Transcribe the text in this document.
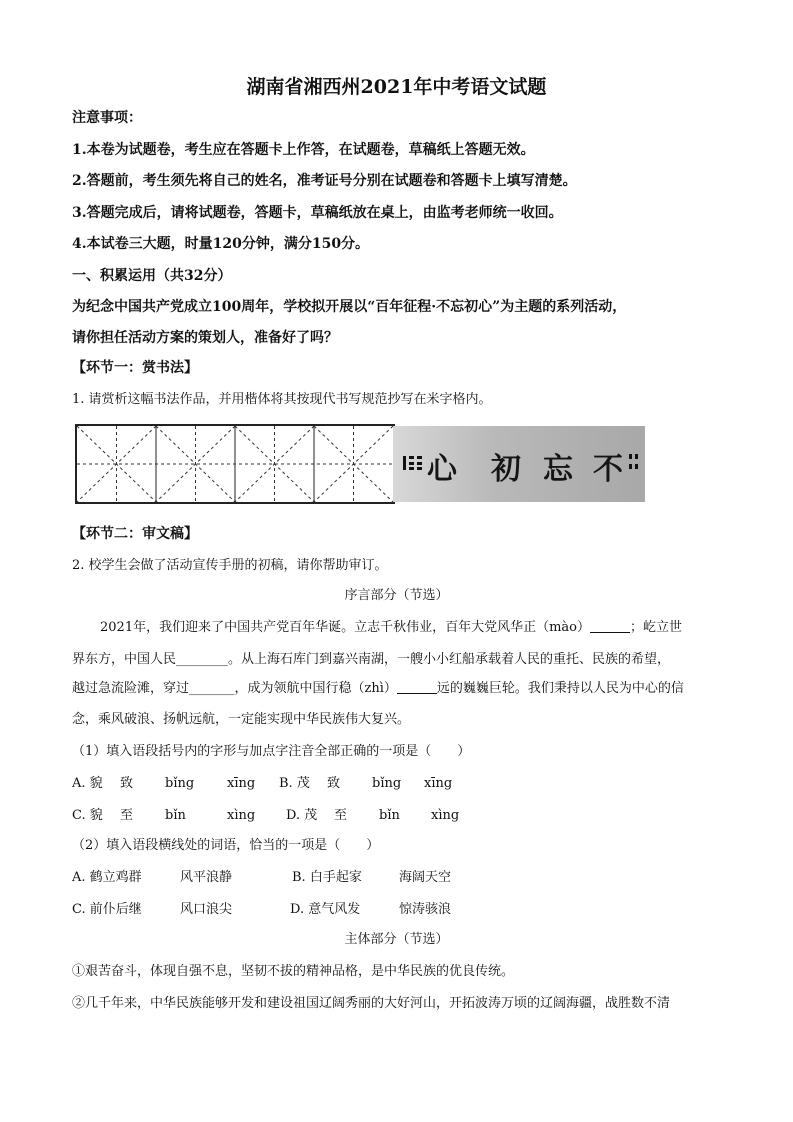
湖南省湘西州2021年中考语文试题
注意事项：
1.本卷为试题卷，考生应在答题卡上作答，在试题卷，草稿纸上答题无效。
2.答题前，考生须先将自己的姓名，准考证号分别在试题卷和答题卡上填写清楚。
3.答题完成后，请将试题卷，答题卡，草稿纸放在桌上，由监考老师统一收回。
4.本试卷三大题，时量120分钟，满分150分。
一、积累运用（共32分）
为纪念中国共产党成立100周年，学校拟开展以“百年征程·不忘初心”为主题的系列活动，
请你担任活动方案的策划人，准备好了吗？
【环节一：赏书法】
1. 请赏析这幅书法作品，并用楷体将其按现代书写规范抄写在米字格内。
心 初 忘 不
【环节二：审文稿】
2. 校学生会做了活动宣传手册的初稿，请你帮助审订。
序言部分（节选）
2021年，我们迎来了中国共产党百年华诞。立志千秋伟业，百年大党风华正（mào）	；屹立世
界东方，中国人民________。从上海石库门到嘉兴南湖，一艘小小红船承载着人民的重托、民族的希望，
越过急流险滩，穿过_______，成为领航中国行稳（zhì）	远的巍巍巨轮。我们秉持以人民为中心的信
念，乘风破浪、扬帆远航，一定能实现中华民族伟大复兴。
（1）填入语段括号内的字形与加点字注音全部正确的一项是（　　）
A. 貌 致 bǐng	xīng B. 茂 致 bǐng xīng
C. 貌 至 bǐn	xìng D. 茂 至 bǐn xìng
（2）填入语段横线处的词语，恰当的一项是（　　）
A. 鹤立鸡群	风平浪静	B. 白手起家	海阔天空
C. 前仆后继	风口浪尖	D. 意气风发	惊涛骇浪
主体部分（节选）
①艰苦奋斗，体现自强不息，坚韧不拔的精神品格，是中华民族的优良传统。
②几千年来，中华民族能够开发和建设祖国辽阔秀丽的大好河山，开拓波涛万顷的辽阔海疆，战胜数不清
